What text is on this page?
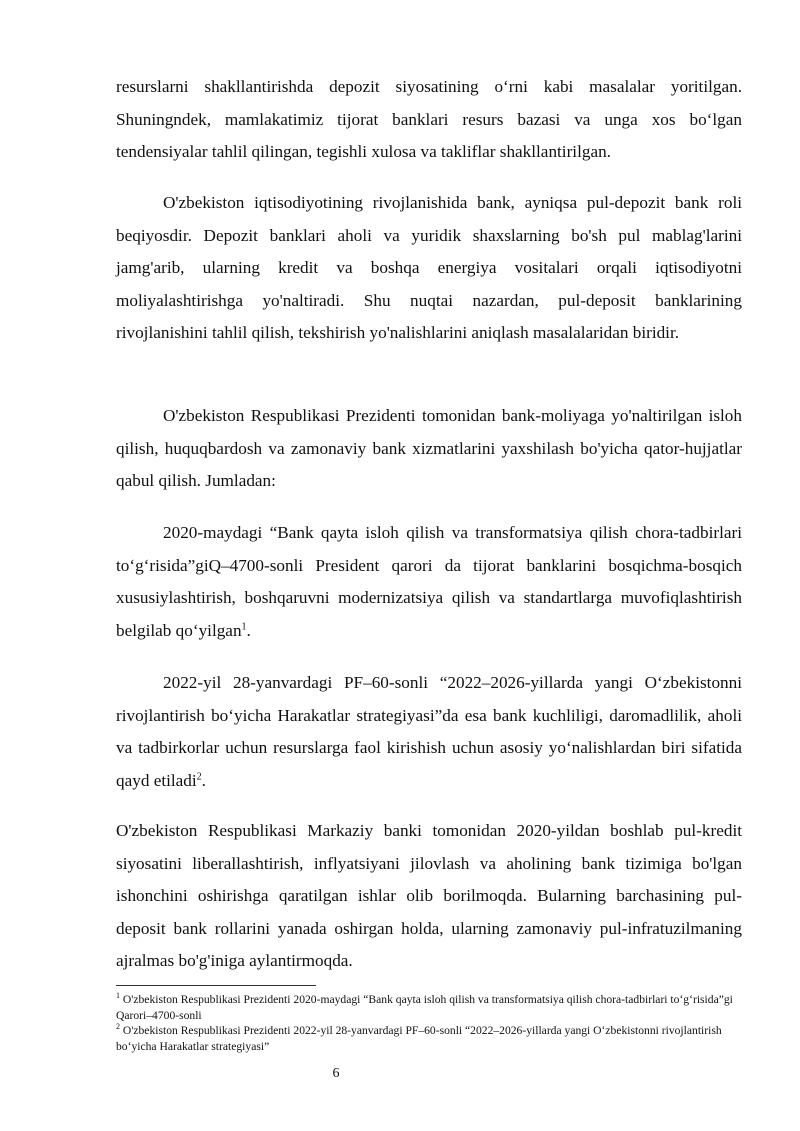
resurslarni shakllantirishda depozit siyosatining o‘rni kabi masalalar yoritilgan. Shuningndek, mamlakatimiz tijorat banklari resurs bazasi va unga xos bo‘lgan tendensiyalar tahlil qilingan, tegishli xulosa va takliflar shakllantirilgan.

O'zbekiston iqtisodiyotining rivojlanishida bank, ayniqsa pul-depozit bank roli beqiyosdir. Depozit banklari aholi va yuridik shaxslarning bo'sh pul mablag'larini jamg'arib, ularning kredit va boshqa energiya vositalari orqali iqtisodiyotni moliyalashtirishga yo'naltiradi. Shu nuqtai nazardan, pul-deposit banklarining rivojlanishini tahlil qilish, tekshirish yo'nalishlarini aniqlash masalalaridan biridir.

O'zbekiston Respublikasi Prezidenti tomonidan bank-moliyaga yo'naltirilgan isloh qilish, huquqbardosh va zamonaviy bank xizmatlarini yaxshilash bo'yicha qator-hujjatlar qabul qilish. Jumladan:

2020-maydagi “Bank qayta isloh qilish va transformatsiya qilish chora-tadbirlari to‘g‘risida”giQ–4700-sonli President qarori da tijorat banklarini bosqichma-bosqich xususiylashtirish, boshqaruvni modernizatsiya qilish va standartlarga muvofiqlashtirish belgilab qo‘yilgan$^1$.

2022-yil 28-yanvardagi PF–60-sonli “2022–2026-yillarda yangi O‘zbekistonni rivojlantirish bo‘yicha Harakatlar strategiyasi”da esa bank kuchliligi, daromadlilik, aholi va tadbirkorlar uchun resurslarga faol kirishish uchun asosiy yo‘nalishlardan biri sifatida qayd etiladi$^2$.

O'zbekiston Respublikasi Markaziy banki tomonidan 2020-yildan boshlab pul-kredit siyosatini liberallashtirish, inflyatsiyani jilovlash va aholining bank tizimiga bo'lgan ishonchini oshirishga qaratilgan ishlar olib borilmoqda. Bularning barchasining pul-deposit bank rollarini yanada oshirgan holda, ularning zamonaviy pul-infratuzilmaning ajralmas bo'g'iniga aylantirmoqda.

$^1$ O'zbekiston Respublikasi Prezidenti 2020-maydagi “Bank qayta isloh qilish va transformatsiya qilish chora-tadbirlari to‘g‘risida”gi Qarori–4700-sonli

$^2$ O'zbekiston Respublikasi Prezidenti 2022-yil 28-yanvardagi PF–60-sonli “2022–2026-yillarda yangi O‘zbekistonni rivojlantirish bo‘yicha Harakatlar strategiyasi”

6
